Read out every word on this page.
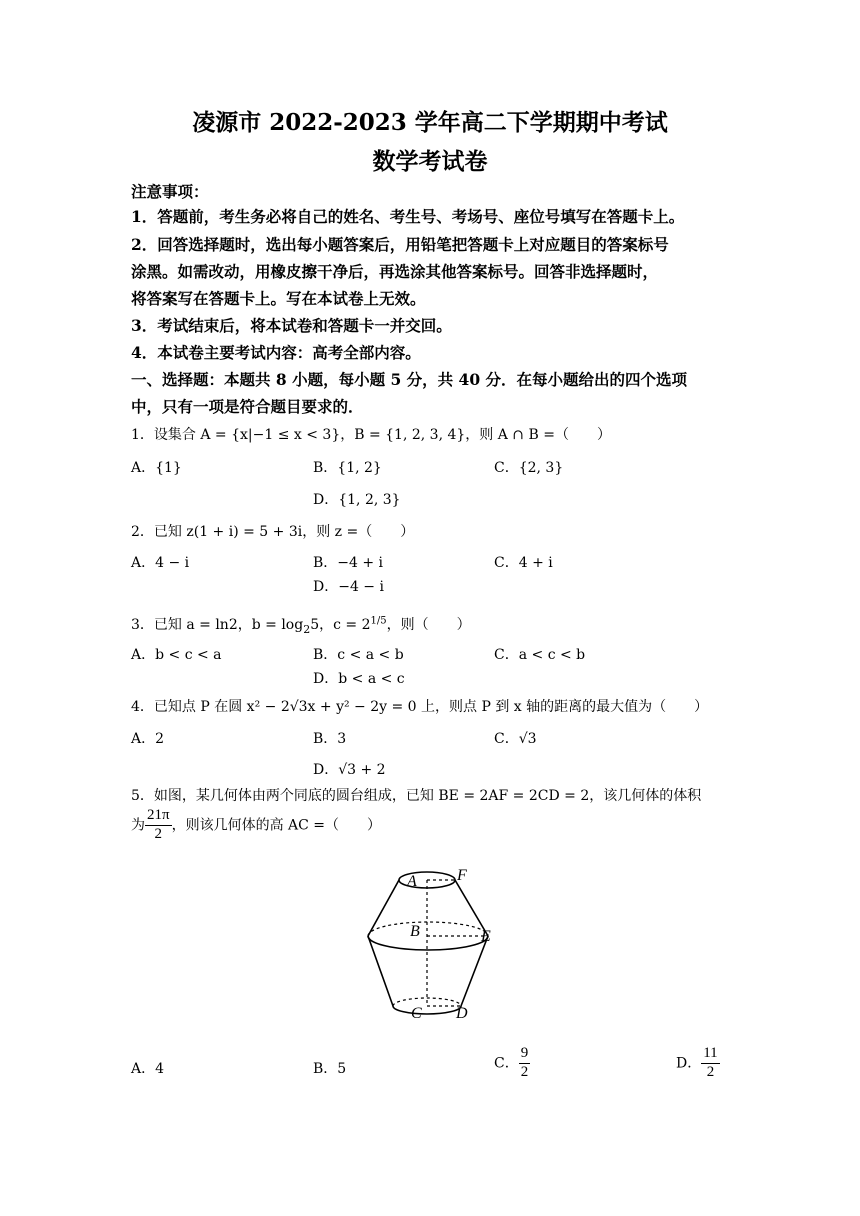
凌源市 2022-2023 学年高二下学期期中考试
数学考试卷
注意事项：
1．答题前，考生务必将自己的姓名、考生号、考场号、座位号填写在答题卡上。
2．回答选择题时，选出每小题答案后，用铅笔把答题卡上对应题目的答案标号
涂黑。如需改动，用橡皮擦干净后，再选涂其他答案标号。回答非选择题时，
将答案写在答题卡上。写在本试卷上无效。
3．考试结束后，将本试卷和答题卡一并交回。
4．本试卷主要考试内容：高考全部内容。
一、选择题：本题共 8 小题，每小题 5 分，共 40 分．在每小题给出的四个选项
中，只有一项是符合题目要求的．
1．设集合 A = {x|−1 ≤ x < 3}，B = {1, 2, 3, 4}，则 A ∩ B =（　　）
A．{1}	B．{1, 2}	C．{2, 3}
D．{1, 2, 3}
2．已知 z(1 + i) = 5 + 3i，则 z =（　　）
A．4 − i	B．−4 + i	C．4 + i
D．−4 − i
3．已知 a = ln2，$b = \log_25$，$c = 2^{1/5}$，则（　　）
A．b < c < a	B．c < a < b	C．a < c < b
D．b < a < c
4．已知点 P 在圆 x² − 2√3x + y² − 2y = 0 上，则点 P 到 x 轴的距离的最大值为（　　）
A．2	B．3	C．√3
D．√3 + 2
5．如图，某几何体由两个同底的圆台组成，已知 BE = 2AF = 2CD = 2，该几何体的体积
为 $\frac{21\pi}{2}$ ，则该几何体的高 AC =（　　）
A	F
B	E
C D
A．4	B．5	C． $\frac{9}{2}$	D． $\frac{11}{2}$
